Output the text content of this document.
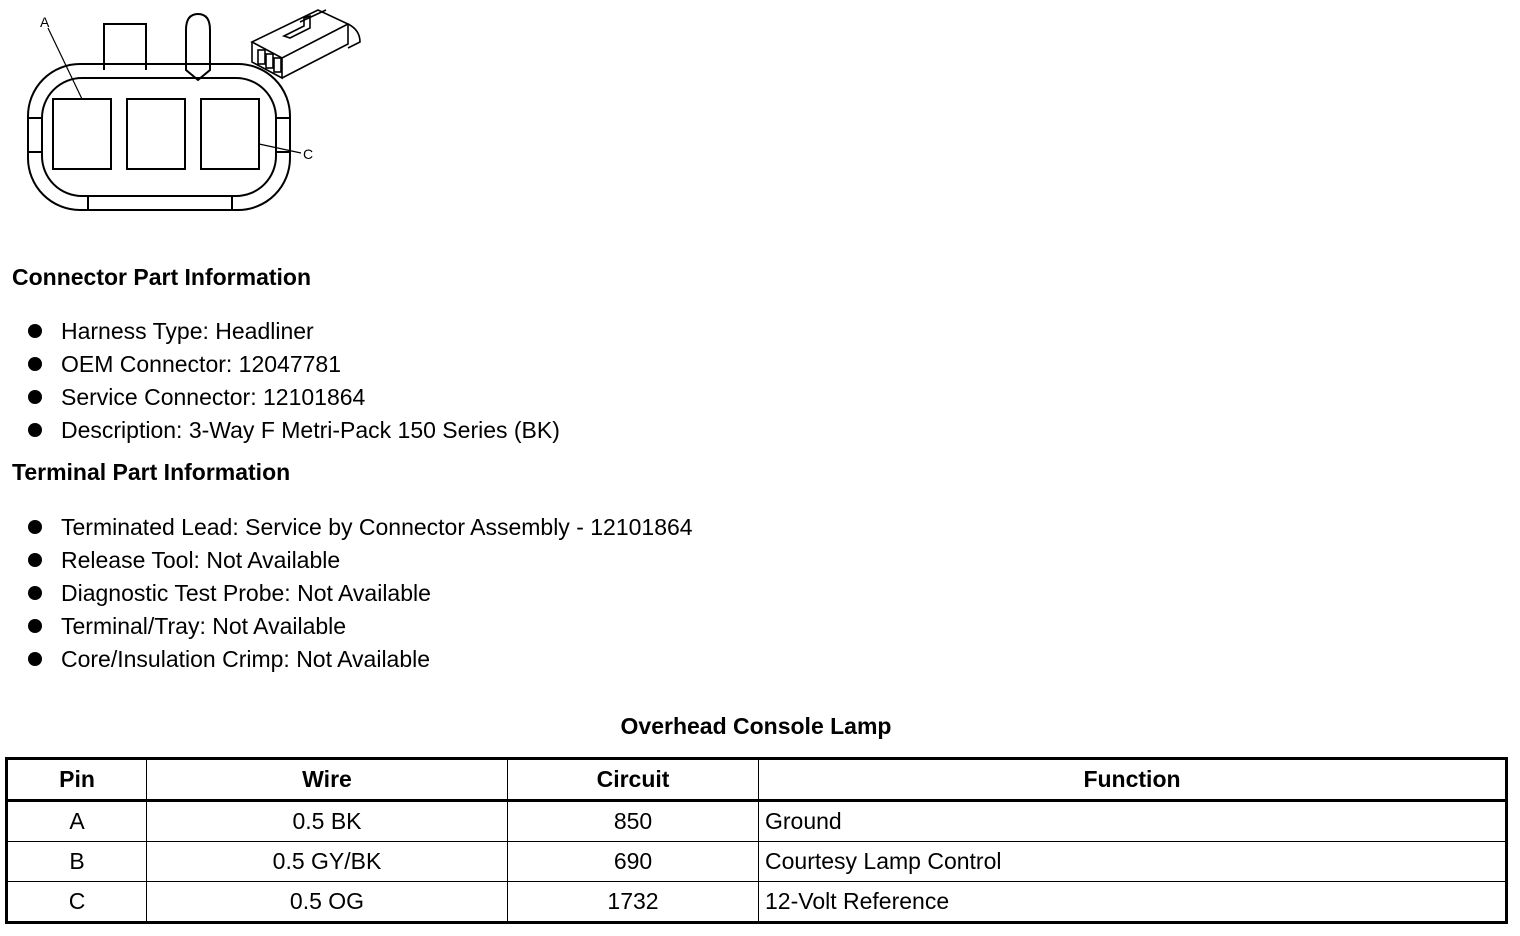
A
C
Connector Part Information
Harness Type: Headliner
OEM Connector: 12047781
Service Connector: 12101864
Description: 3-Way F Metri-Pack 150 Series (BK)
Terminal Part Information
Terminated Lead: Service by Connector Assembly - 12101864
Release Tool: Not Available
Diagnostic Test Probe: Not Available
Terminal/Tray: Not Available
Core/Insulation Crimp: Not Available
Overhead Console Lamp
Pin	Wire	Circuit	Function
A	0.5 BK	850	Ground
B	0.5 GY/BK	690	Courtesy Lamp Control
C	0.5 OG	1732	12-Volt Reference
